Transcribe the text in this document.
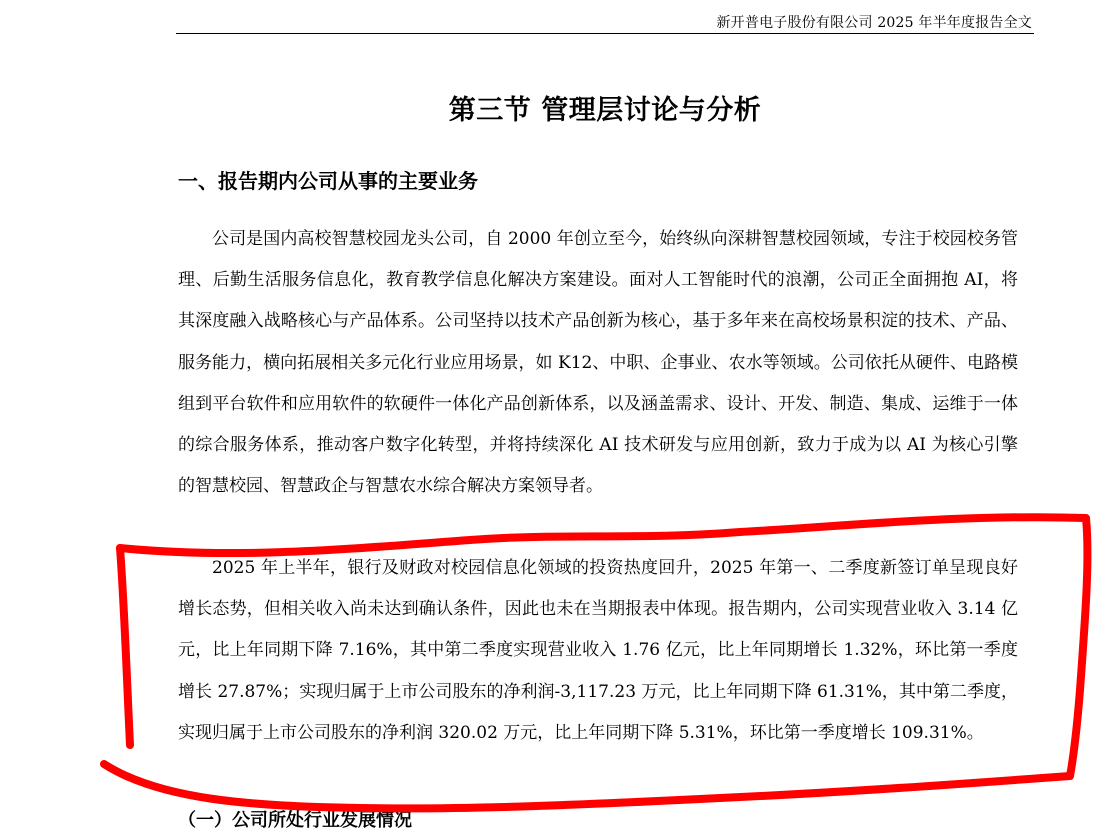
新开普电子股份有限公司 2025 年半年度报告全文
第三节 管理层讨论与分析
一、报告期内公司从事的主要业务

公司是国内高校智慧校园龙头公司，自 2000 年创立至今，始终纵向深耕智慧校园领域，专注于校园校务管理、后勤生活服务信息化，教育教学信息化解决方案建设。面对人工智能时代的浪潮，公司正全面拥抱 AI，将其深度融入战略核心与产品体系。公司坚持以技术产品创新为核心，基于多年来在高校场景积淀的技术、产品、服务能力，横向拓展相关多元化行业应用场景，如 K12、中职、企事业、农水等领域。公司依托从硬件、电路模组到平台软件和应用软件的软硬件一体化产品创新体系，以及涵盖需求、设计、开发、制造、集成、运维于一体的综合服务体系，推动客户数字化转型，并将持续深化 AI 技术研发与应用创新，致力于成为以 AI 为核心引擎的智慧校园、智慧政企与智慧农水综合解决方案领导者。

2025 年上半年，银行及财政对校园信息化领域的投资热度回升，2025 年第一、二季度新签订单呈现良好增长态势，但相关收入尚未达到确认条件，因此也未在当期报表中体现。报告期内，公司实现营业收入 3.14 亿元，比上年同期下降 7.16%，其中第二季度实现营业收入 1.76 亿元，比上年同期增长 1.32%，环比第一季度增长 27.87%；实现归属于上市公司股东的净利润-3,117.23 万元，比上年同期下降 61.31%，其中第二季度，实现归属于上市公司股东的净利润 320.02 万元，比上年同期下降 5.31%，环比第一季度增长 109.31%。

（一）公司所处行业发展情况
